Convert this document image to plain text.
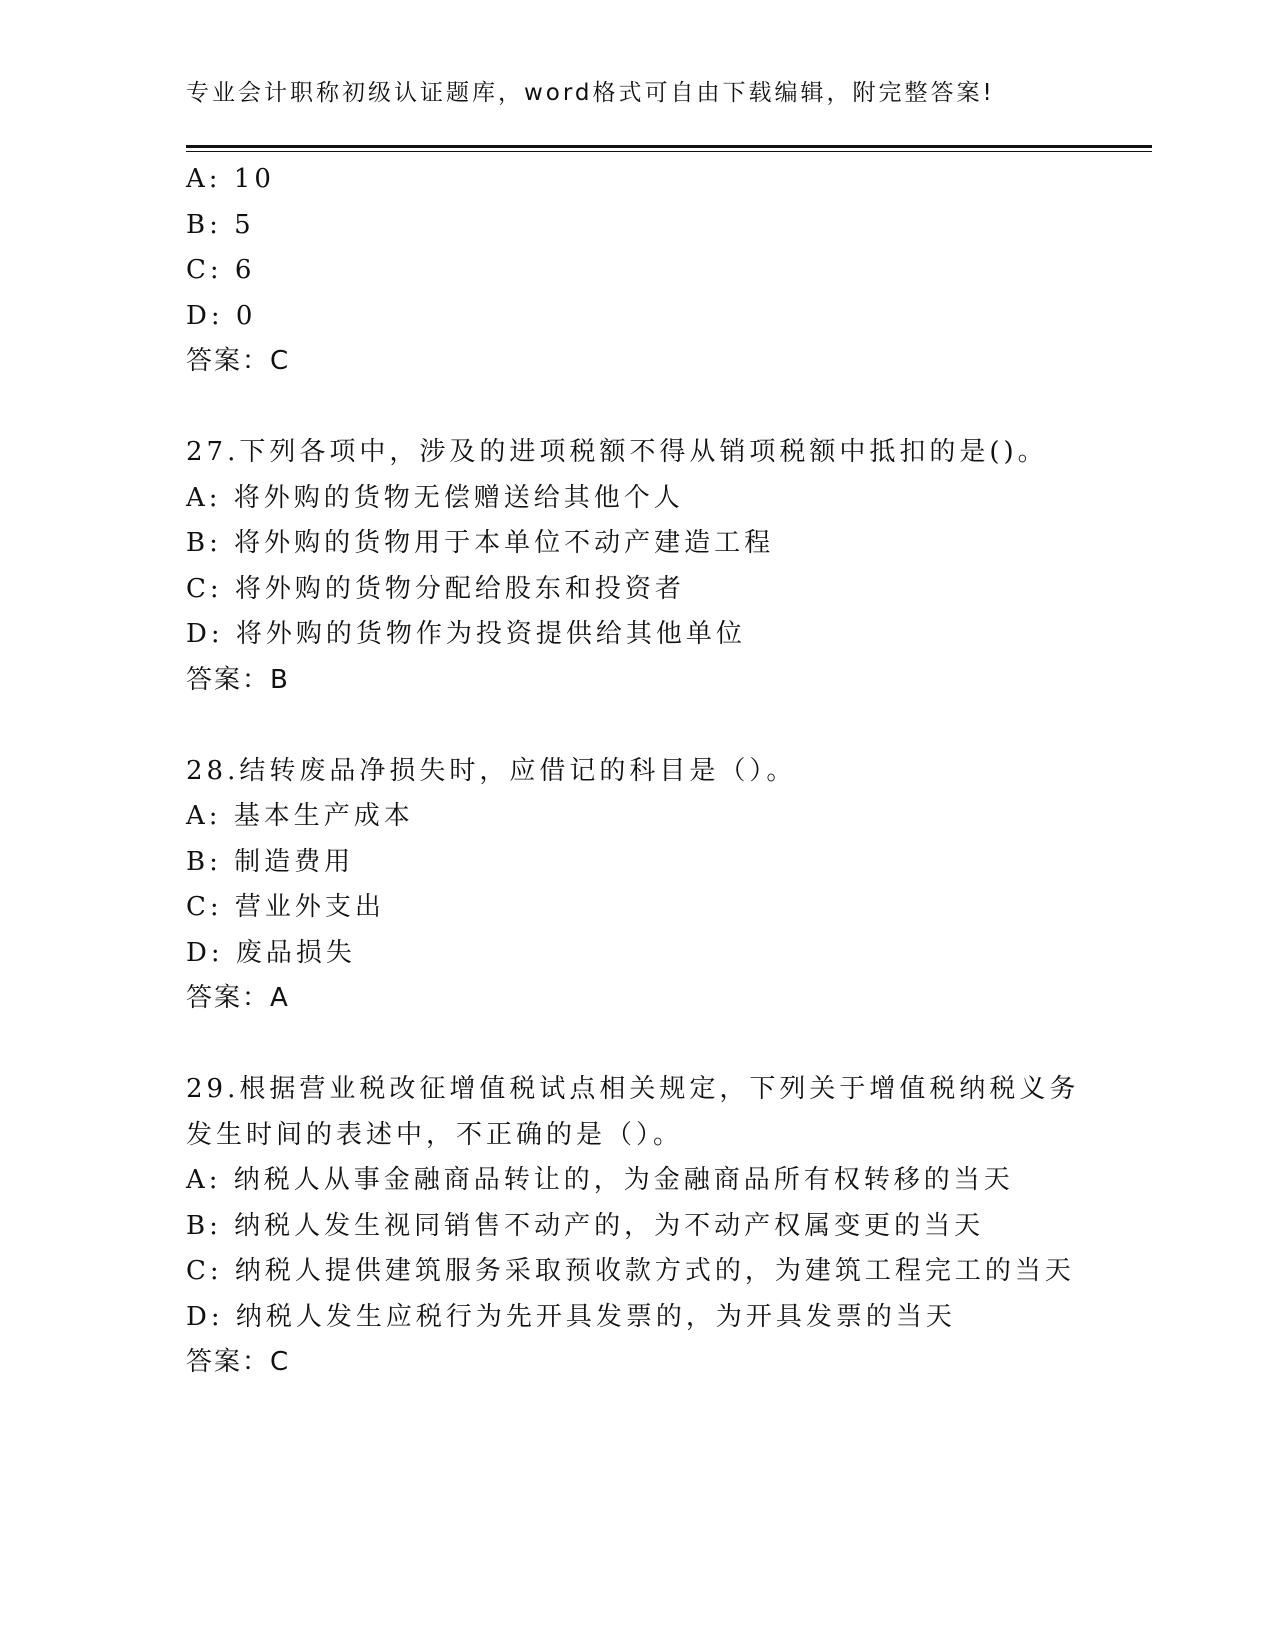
专业会计职称初级认证题库，word格式可自由下载编辑，附完整答案!
A: 10
B: 5
C: 6
D: 0
答案：C
27.下列各项中，涉及的进项税额不得从销项税额中抵扣的是()。
A: 将外购的货物无偿赠送给其他个人
B: 将外购的货物用于本单位不动产建造工程
C: 将外购的货物分配给股东和投资者
D: 将外购的货物作为投资提供给其他单位
答案：B
28.结转废品净损失时，应借记的科目是（）。
A: 基本生产成本
B: 制造费用
C: 营业外支出
D: 废品损失
答案：A
29.根据营业税改征增值税试点相关规定，下列关于增值税纳税义务发生时间的表述中，不正确的是（）。
A: 纳税人从事金融商品转让的，为金融商品所有权转移的当天
B: 纳税人发生视同销售不动产的，为不动产权属变更的当天
C: 纳税人提供建筑服务采取预收款方式的，为建筑工程完工的当天
D: 纳税人发生应税行为先开具发票的，为开具发票的当天
答案：C
